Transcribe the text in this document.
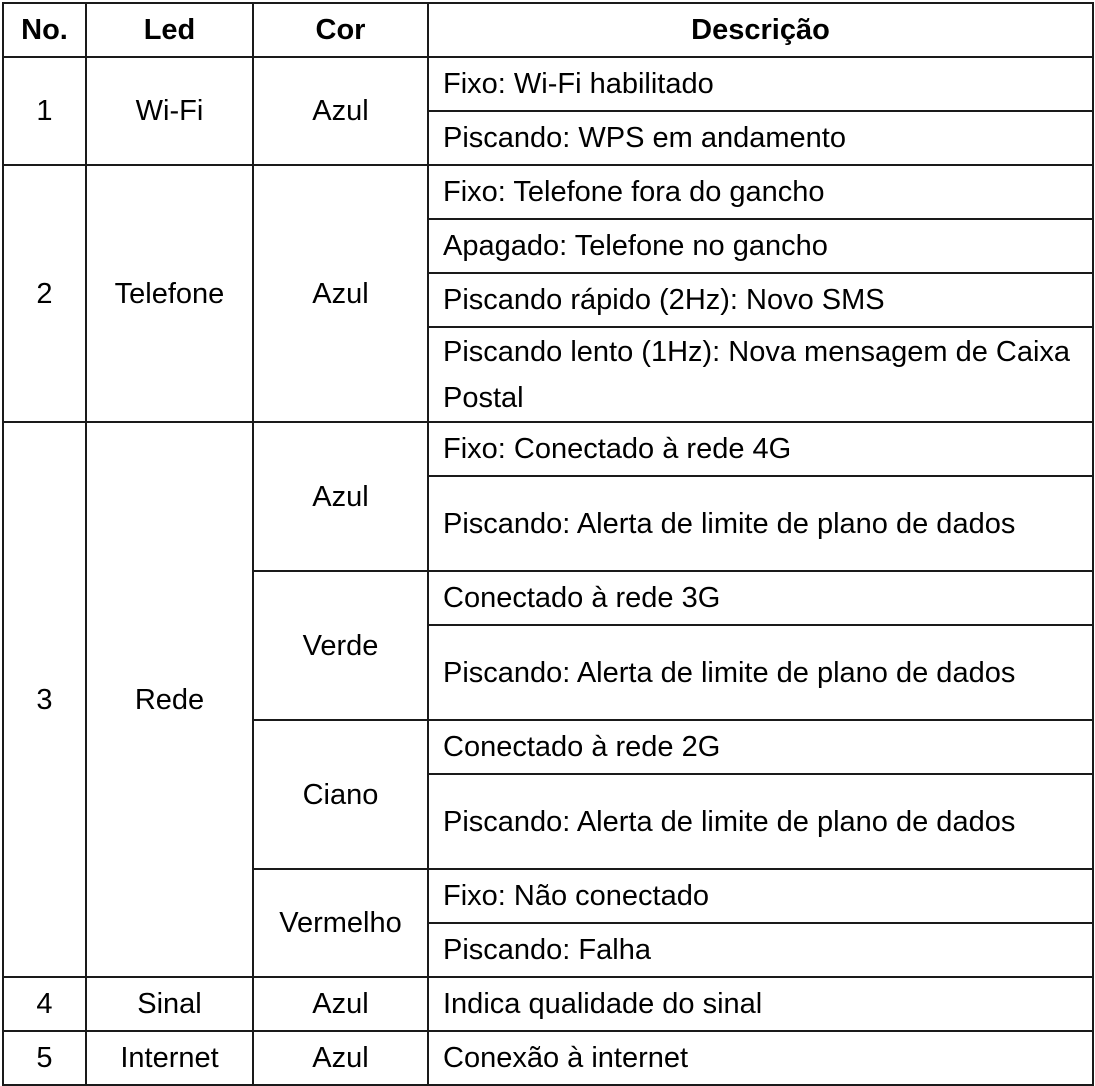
No.	Led	Cor	Descrição
1	Wi-Fi	Azul	Fixo: Wi-Fi habilitado
			Piscando: WPS em andamento
2	Telefone	Azul	Fixo: Telefone fora do gancho
			Apagado: Telefone no gancho
			Piscando rápido (2Hz): Novo SMS
			Piscando lento (1Hz): Nova mensagem de Caixa Postal
3	Rede	Azul	Fixo: Conectado à rede 4G
			Piscando: Alerta de limite de plano de dados
		Verde	Conectado à rede 3G
			Piscando: Alerta de limite de plano de dados
		Ciano	Conectado à rede 2G
			Piscando: Alerta de limite de plano de dados
		Vermelho	Fixo: Não conectado
			Piscando: Falha
4	Sinal	Azul	Indica qualidade do sinal
5	Internet	Azul	Conexão à internet
